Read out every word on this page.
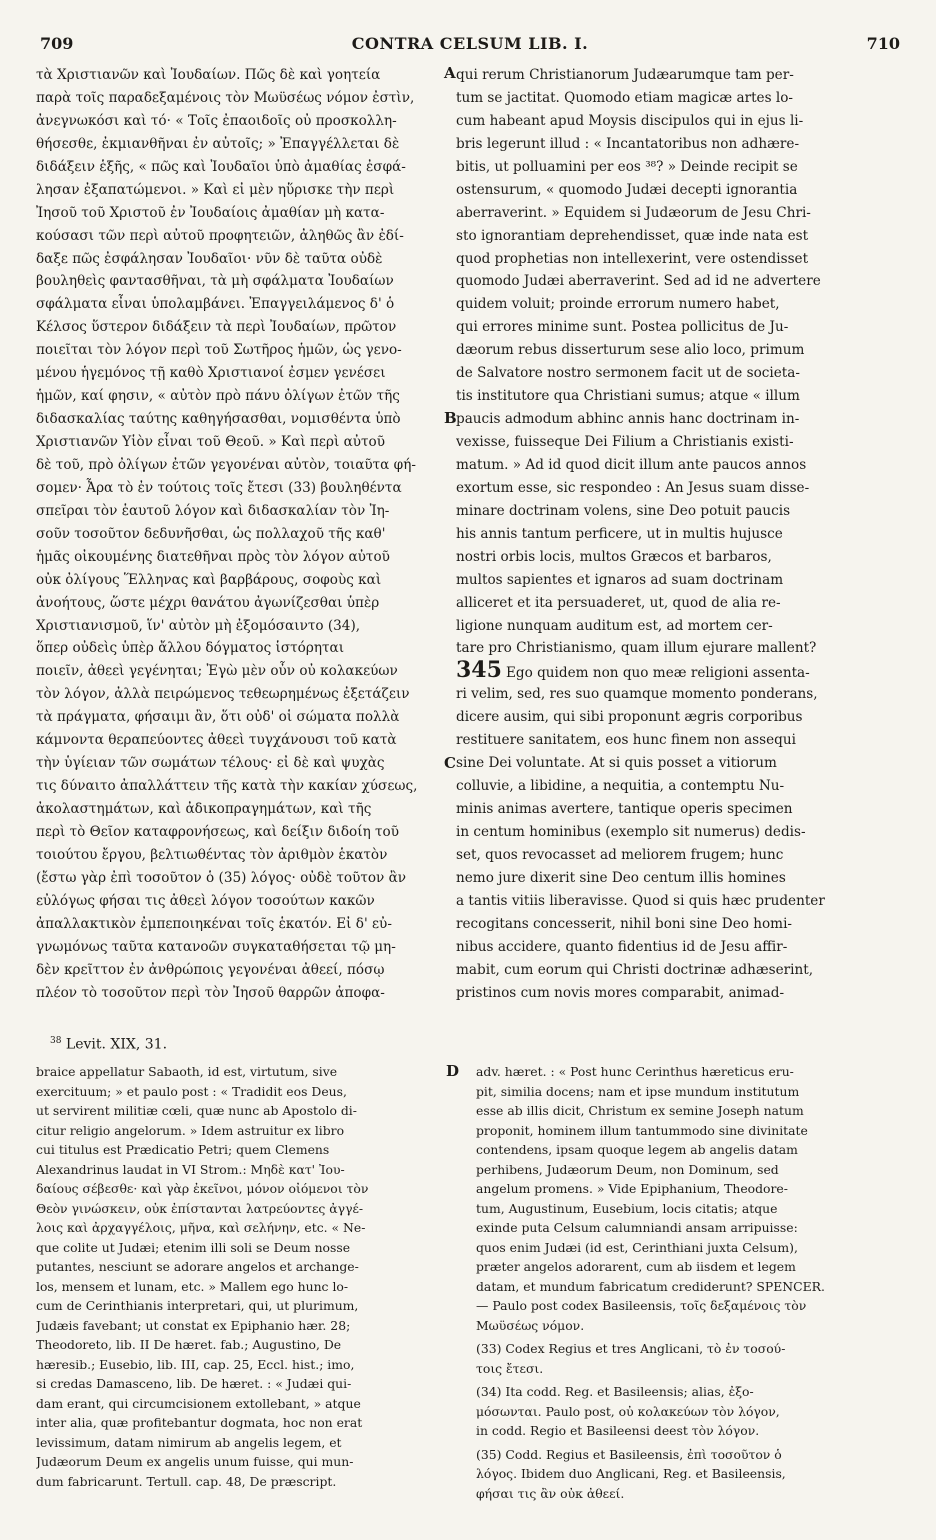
709	CONTRA CELSUM LIB. I.	710
τὰ Χριστιανῶν καὶ Ἰουδαίων. Πῶς δὲ καὶ γοητεία
παρὰ τοῖς παραδεξαμένοις τὸν Μωϋσέως νόμον ἐστὶν,
ἀνεγνωκόσι καὶ τό· « Τοῖς ἐπαοιδοῖς οὐ προσκολλη-
θήσεσθε, ἐκμιανθῆναι ἐν αὐτοῖς; » Ἐπαγγέλλεται δὲ
διδάξειν ἑξῆς, « πῶς καὶ Ἰουδαῖοι ὑπὸ ἀμαθίας ἐσφά-
λησαν ἐξαπατώμενοι. » Καὶ εἰ μὲν ηὕρισκε τὴν περὶ
Ἰησοῦ τοῦ Χριστοῦ ἐν Ἰουδαίοις ἀμαθίαν μὴ κατα-
κούσασι τῶν περὶ αὐτοῦ προφητειῶν, ἀληθῶς ἂν ἐδί-
δαξε πῶς ἐσφάλησαν Ἰουδαῖοι· νῦν δὲ ταῦτα οὐδὲ
βουληθεὶς φαντασθῆναι, τὰ μὴ σφάλματα Ἰουδαίων
σφάλματα εἶναι ὑπολαμβάνει. Ἐπαγγειλάμενος δ' ὁ
Κέλσος ὕστερον διδάξειν τὰ περὶ Ἰουδαίων, πρῶτον
ποιεῖται τὸν λόγον περὶ τοῦ Σωτῆρος ἡμῶν, ὡς γενο-
μένου ἡγεμόνος τῇ καθὸ Χριστιανοί ἐσμεν γενέσει
ἡμῶν, καί φησιν, « αὐτὸν πρὸ πάνυ ὀλίγων ἐτῶν τῆς
διδασκαλίας ταύτης καθηγήσασθαι, νομισθέντα ὑπὸ
Χριστιανῶν Υἱὸν εἶναι τοῦ Θεοῦ. » Καὶ περὶ αὐτοῦ
δὲ τοῦ, πρὸ ὀλίγων ἐτῶν γεγονέναι αὐτὸν, τοιαῦτα φή-
σομεν· Ἆρα τὸ ἐν τούτοις τοῖς ἔτεσι (33) βουληθέντα
σπεῖραι τὸν ἑαυτοῦ λόγον καὶ διδασκαλίαν τὸν Ἰη-
σοῦν τοσοῦτον δεδυνῆσθαι, ὡς πολλαχοῦ τῆς καθ'
ἡμᾶς οἰκουμένης διατεθῆναι πρὸς τὸν λόγον αὐτοῦ
οὐκ ὀλίγους Ἕλληνας καὶ βαρβάρους, σοφοὺς καὶ
ἀνοήτους, ὥστε μέχρι θανάτου ἀγωνίζεσθαι ὑπὲρ
Χριστιανισμοῦ, ἵν' αὐτὸν μὴ ἐξομόσαιντο (34),
ὅπερ οὐδεὶς ὑπὲρ ἄλλου δόγματος ἱστόρηται
ποιεῖν, ἀθεεὶ γεγένηται; Ἐγὼ μὲν οὖν οὐ κολακεύων
τὸν λόγον, ἀλλὰ πειρώμενος τεθεωρημένως ἐξετάζειν
τὰ πράγματα, φήσαιμι ἂν, ὅτι οὐδ' οἱ σώματα πολλὰ
κάμνοντα θεραπεύοντες ἀθεεὶ τυγχάνουσι τοῦ κατὰ
τὴν ὑγίειαν τῶν σωμάτων τέλους· εἰ δὲ καὶ ψυχὰς
τις δύναιτο ἀπαλλάττειν τῆς κατὰ τὴν κακίαν χύσεως,
ἀκολαστημάτων, καὶ ἀδικοπραγημάτων, καὶ τῆς
περὶ τὸ Θεῖον καταφρονήσεως, καὶ δείξιν διδοίη τοῦ
τοιούτου ἔργου, βελτιωθέντας τὸν ἀριθμὸν ἑκατὸν
(ἔστω γὰρ ἐπὶ τοσοῦτον ὁ (35) λόγος· οὐδὲ τοῦτον ἂν
εὐλόγως φήσαι τις ἀθεεὶ λόγον τοσούτων κακῶν
ἀπαλλακτικὸν ἐμπεποιηκέναι τοῖς ἑκατόν. Εἰ δ' εὐ-
γνωμόνως ταῦτα κατανοῶν συγκαταθήσεται τῷ μη-
δὲν κρεῖττον ἐν ἀνθρώποις γεγονέναι ἀθεεί, πόσῳ
πλέον τὸ τοσοῦτον περὶ τὸν Ἰησοῦ θαρρῶν ἀποφα-
A
B
C
qui rerum Christianorum Judæarumque tam per-
tum se jactitat. Quomodo etiam magicæ artes lo-
cum habeant apud Moysis discipulos qui in ejus li-
bris legerunt illud : « Incantatoribus non adhære-
bitis, ut polluamini per eos ³⁸? » Deinde recipit se
ostensurum, « quomodo Judæi decepti ignorantia
aberraverint. » Equidem si Judæorum de Jesu Chri-
sto ignorantiam deprehendisset, quæ inde nata est
quod prophetias non intellexerint, vere ostendisset
quomodo Judæi aberraverint. Sed ad id ne advertere
quidem voluit; proinde errorum numero habet,
qui errores minime sunt. Postea pollicitus de Ju-
dæorum rebus disserturum sese alio loco, primum
de Salvatore nostro sermonem facit ut de societa-
tis institutore qua Christiani sumus; atque « illum
paucis admodum abhinc annis hanc doctrinam in-
vexisse, fuisseque Dei Filium a Christianis existi-
matum. » Ad id quod dicit illum ante paucos annos
exortum esse, sic respondeo : An Jesus suam disse-
minare doctrinam volens, sine Deo potuit paucis
his annis tantum perficere, ut in multis hujusce
nostri orbis locis, multos Græcos et barbaros,
multos sapientes et ignaros ad suam doctrinam
alliceret et ita persuaderet, ut, quod de alia re-
ligione nunquam auditum est, ad mortem cer-
tare pro Christianismo, quam illum ejurare mallent?
345 Ego quidem non quo meæ religioni assenta-
ri velim, sed, res suo quamque momento ponderans,
dicere ausim, qui sibi proponunt ægris corporibus
restituere sanitatem, eos hunc finem non assequi
sine Dei voluntate. At si quis posset a vitiorum
colluvie, a libidine, a nequitia, a contemptu Nu-
minis animas avertere, tantique operis specimen
in centum hominibus (exemplo sit numerus) dedis-
set, quos revocasset ad meliorem frugem; hunc
nemo jure dixerit sine Deo centum illis homines
a tantis vitiis liberavisse. Quod si quis hæc prudenter
recogitans concesserit, nihil boni sine Deo homi-
nibus accidere, quanto fidentius id de Jesu affir-
mabit, cum eorum qui Christi doctrinæ adhæserint,
pristinos cum novis mores comparabit, animad-
$^{38}$ Levit. XIX, 31.
braice appellatur Sabaoth, id est, virtutum, sive
exercituum; » et paulo post : « Tradidit eos Deus,
ut servirent militiæ cœli, quæ nunc ab Apostolo di-
citur religio angelorum. » Idem astruitur ex libro
cui titulus est Prædicatio Petri; quem Clemens
Alexandrinus laudat in VI Strom.: Μηδὲ κατ' Ἰου-
δαίους σέβεσθε· καὶ γὰρ ἐκεῖνοι, μόνον οἰόμενοι τὸν
Θεὸν γινώσκειν, οὐκ ἐπίστανται λατρεύοντες ἀγγέ-
λοις καὶ ἀρχαγγέλοις, μῆνα, καὶ σελήνην, etc. « Ne-
que colite ut Judæi; etenim illi soli se Deum nosse
putantes, nesciunt se adorare angelos et archange-
los, mensem et lunam, etc. » Mallem ego hunc lo-
cum de Cerinthianis interpretari, qui, ut plurimum,
Judæis favebant; ut constat ex Epiphanio hær. 28;
Theodoreto, lib. II De hæret. fab.; Augustino, De
hæresib.; Eusebio, lib. III, cap. 25, Eccl. hist.; imo,
si credas Damasceno, lib. De hæret. : « Judæi qui-
dam erant, qui circumcisionem extollebant, » atque
inter alia, quæ profitebantur dogmata, hoc non erat
levissimum, datam nimirum ab angelis legem, et
Judæorum Deum ex angelis unum fuisse, qui mun-
dum fabricarunt. Tertull. cap. 48, De præscript.
D adv. hæret. : « Post hunc Cerinthus hæreticus eru-
pit, similia docens; nam et ipse mundum institutum
esse ab illis dicit, Christum ex semine Joseph natum
proponit, hominem illum tantummodo sine divinitate
contendens, ipsam quoque legem ab angelis datam
perhibens, Judæorum Deum, non Dominum, sed
angelum promens. » Vide Epiphanium, Theodore-
tum, Augustinum, Eusebium, locis citatis; atque
exinde puta Celsum calumniandi ansam arripuisse:
quos enim Judæi (id est, Cerinthiani juxta Celsum),
præter angelos adorarent, cum ab iisdem et legem
datam, et mundum fabricatum crediderunt? SPENCER.
— Paulo post codex Basileensis, τοῖς δεξαμένοις τὸν
Μωϋσέως νόμον.
(33) Codex Regius et tres Anglicani, τὸ ἐν τοσού-
τοις ἔτεσι.
(34) Ita codd. Reg. et Basileensis; alias, ἐξο-
μόσωνται. Paulo post, οὐ κολακεύων τὸν λόγον,
in codd. Regio et Basileensi deest τὸν λόγον.
(35) Codd. Regius et Basileensis, ἐπὶ τοσοῦτον ὁ
λόγος. Ibidem duo Anglicani, Reg. et Basileensis,
φήσαι τις ἂν οὐκ ἀθεεί.
